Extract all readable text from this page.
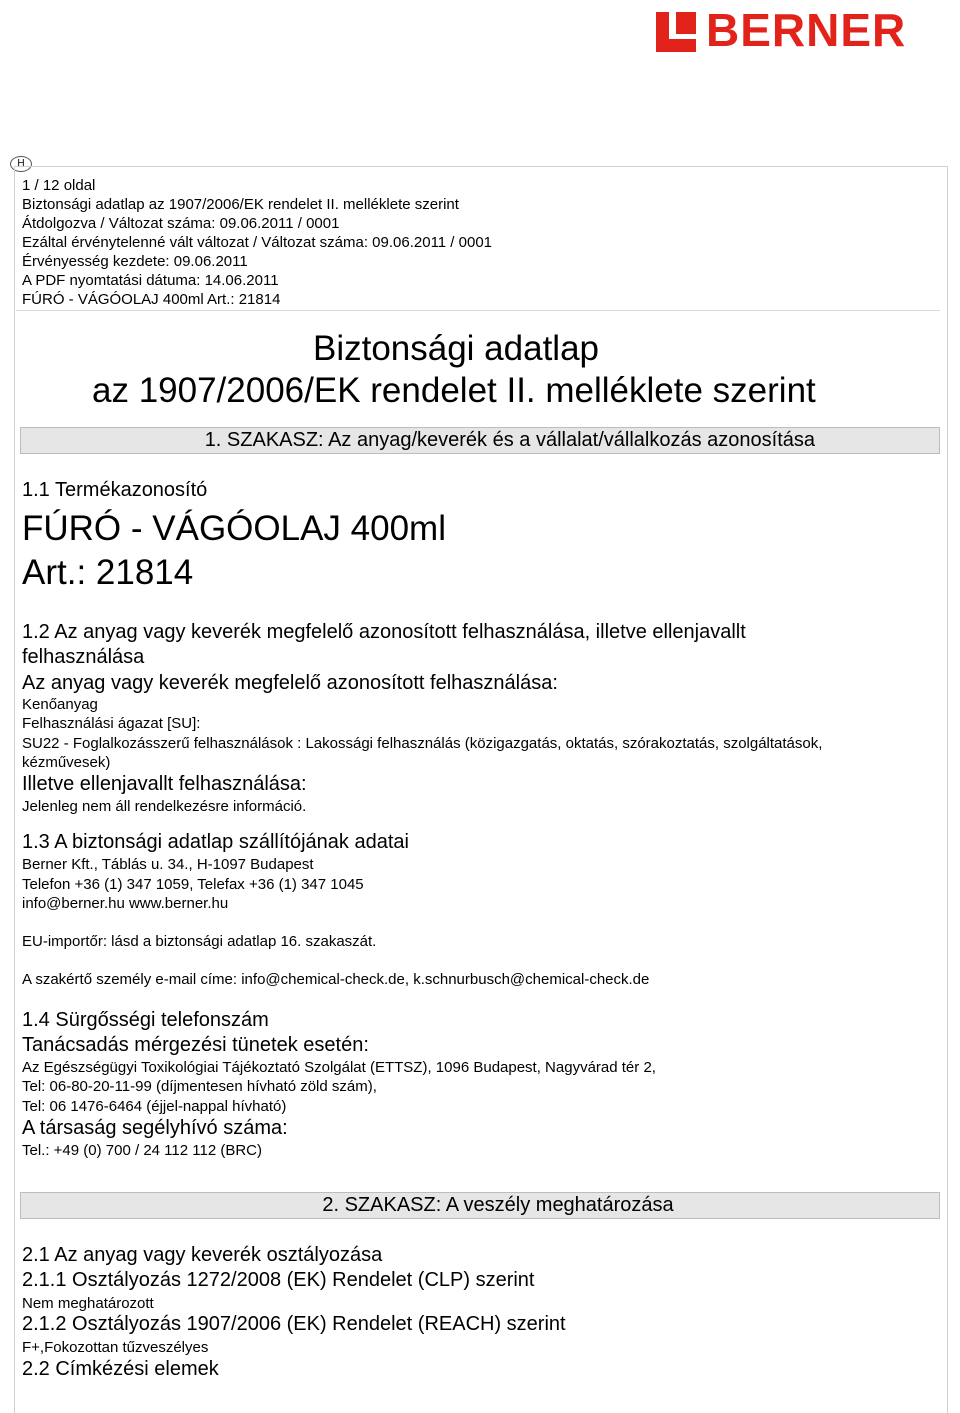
BERNER
H
1 / 12 oldal
Biztonsági adatlap az 1907/2006/EK rendelet II. melléklete szerint
Átdolgozva / Változat száma: 09.06.2011 / 0001
Ezáltal érvénytelenné vált változat / Változat száma: 09.06.2011 / 0001
Érvényesség kezdete: 09.06.2011
A PDF nyomtatási dátuma: 14.06.2011
FÚRÓ - VÁGÓOLAJ 400ml Art.: 21814
Biztonsági adatlap
az 1907/2006/EK rendelet II. melléklete szerint
1. SZAKASZ: Az anyag/keverék és a vállalat/vállalkozás azonosítása
1.1 Termékazonosító
FÚRÓ - VÁGÓOLAJ 400ml
Art.: 21814
1.2 Az anyag vagy keverék megfelelő azonosított felhasználása, illetve ellenjavallt
felhasználása
Az anyag vagy keverék megfelelő azonosított felhasználása:
Kenőanyag
Felhasználási ágazat [SU]:
SU22 - Foglalkozásszerű felhasználások : Lakossági felhasználás (közigazgatás, oktatás, szórakoztatás, szolgáltatások,
kézművesek)
Illetve ellenjavallt felhasználása:
Jelenleg nem áll rendelkezésre információ.
1.3 A biztonsági adatlap szállítójának adatai
Berner Kft., Táblás u. 34., H-1097 Budapest
Telefon +36 (1) 347 1059, Telefax +36 (1) 347 1045
info@berner.hu www.berner.hu
EU-importőr: lásd a biztonsági adatlap 16. szakaszát.
A szakértő személy e-mail címe: info@chemical-check.de, k.schnurbusch@chemical-check.de
1.4 Sürgősségi telefonszám
Tanácsadás mérgezési tünetek esetén:
Az Egészségügyi Toxikológiai Tájékoztató Szolgálat (ETTSZ), 1096 Budapest, Nagyvárad tér 2,
Tel: 06-80-20-11-99 (díjmentesen hívható zöld szám),
Tel: 06 1476-6464 (éjjel-nappal hívható)
A társaság segélyhívó száma:
Tel.: +49 (0) 700 / 24 112 112 (BRC)
2. SZAKASZ: A veszély meghatározása
2.1 Az anyag vagy keverék osztályozása
2.1.1 Osztályozás 1272/2008 (EK) Rendelet (CLP) szerint
Nem meghatározott
2.1.2 Osztályozás 1907/2006 (EK) Rendelet (REACH) szerint
F+,Fokozottan tűzveszélyes
2.2 Címkézési elemek
